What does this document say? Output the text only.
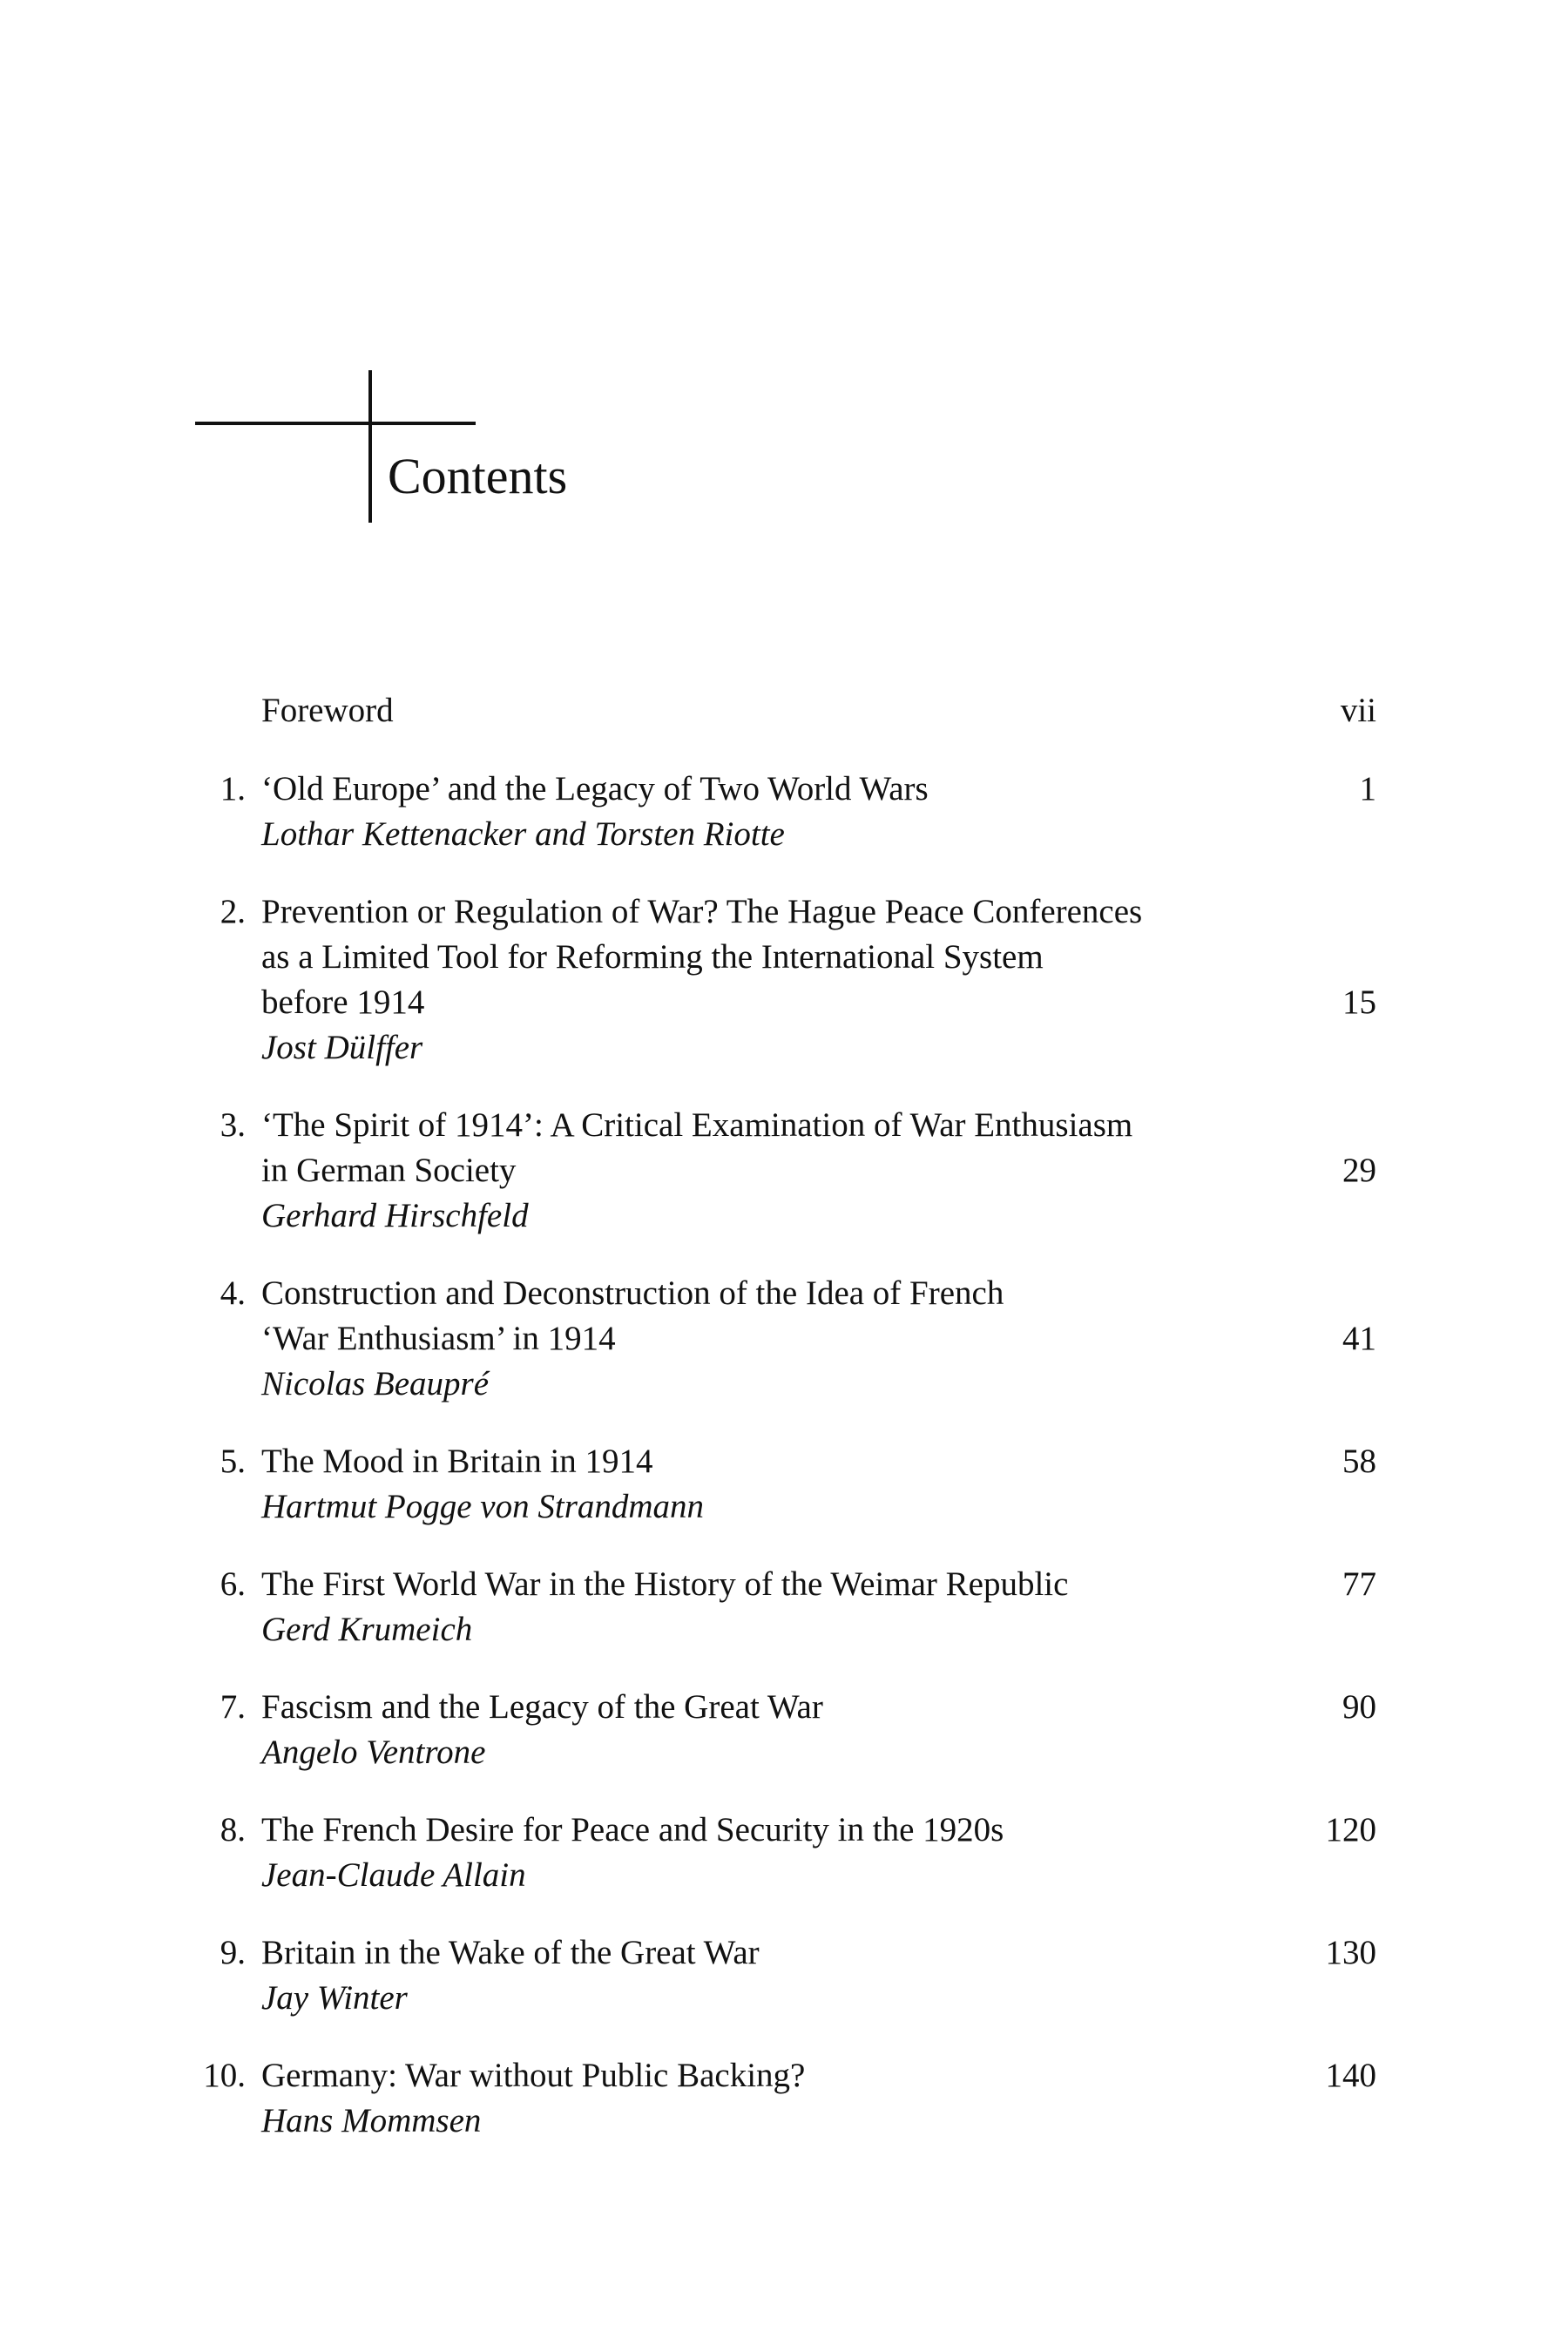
Contents
Foreword	vii
1. ‘Old Europe’ and the Legacy of Two World Wars
Lothar Kettenacker and Torsten Riotte
1
2. Prevention or Regulation of War? The Hague Peace Conferences
as a Limited Tool for Reforming the International System
before 1914
Jost Dülffer
15
3. ‘The Spirit of 1914’: A Critical Examination of War Enthusiasm
in German Society
Gerhard Hirschfeld
29
4. Construction and Deconstruction of the Idea of French
‘War Enthusiasm’ in 1914
Nicolas Beaupré
41
5. The Mood in Britain in 1914
Hartmut Pogge von Strandmann
58
6. The First World War in the History of the Weimar Republic
Gerd Krumeich
77
7. Fascism and the Legacy of the Great War
Angelo Ventrone
90
8. The French Desire for Peace and Security in the 1920s
Jean-Claude Allain
120
9. Britain in the Wake of the Great War
Jay Winter
130
10. Germany: War without Public Backing?
Hans Mommsen
140
